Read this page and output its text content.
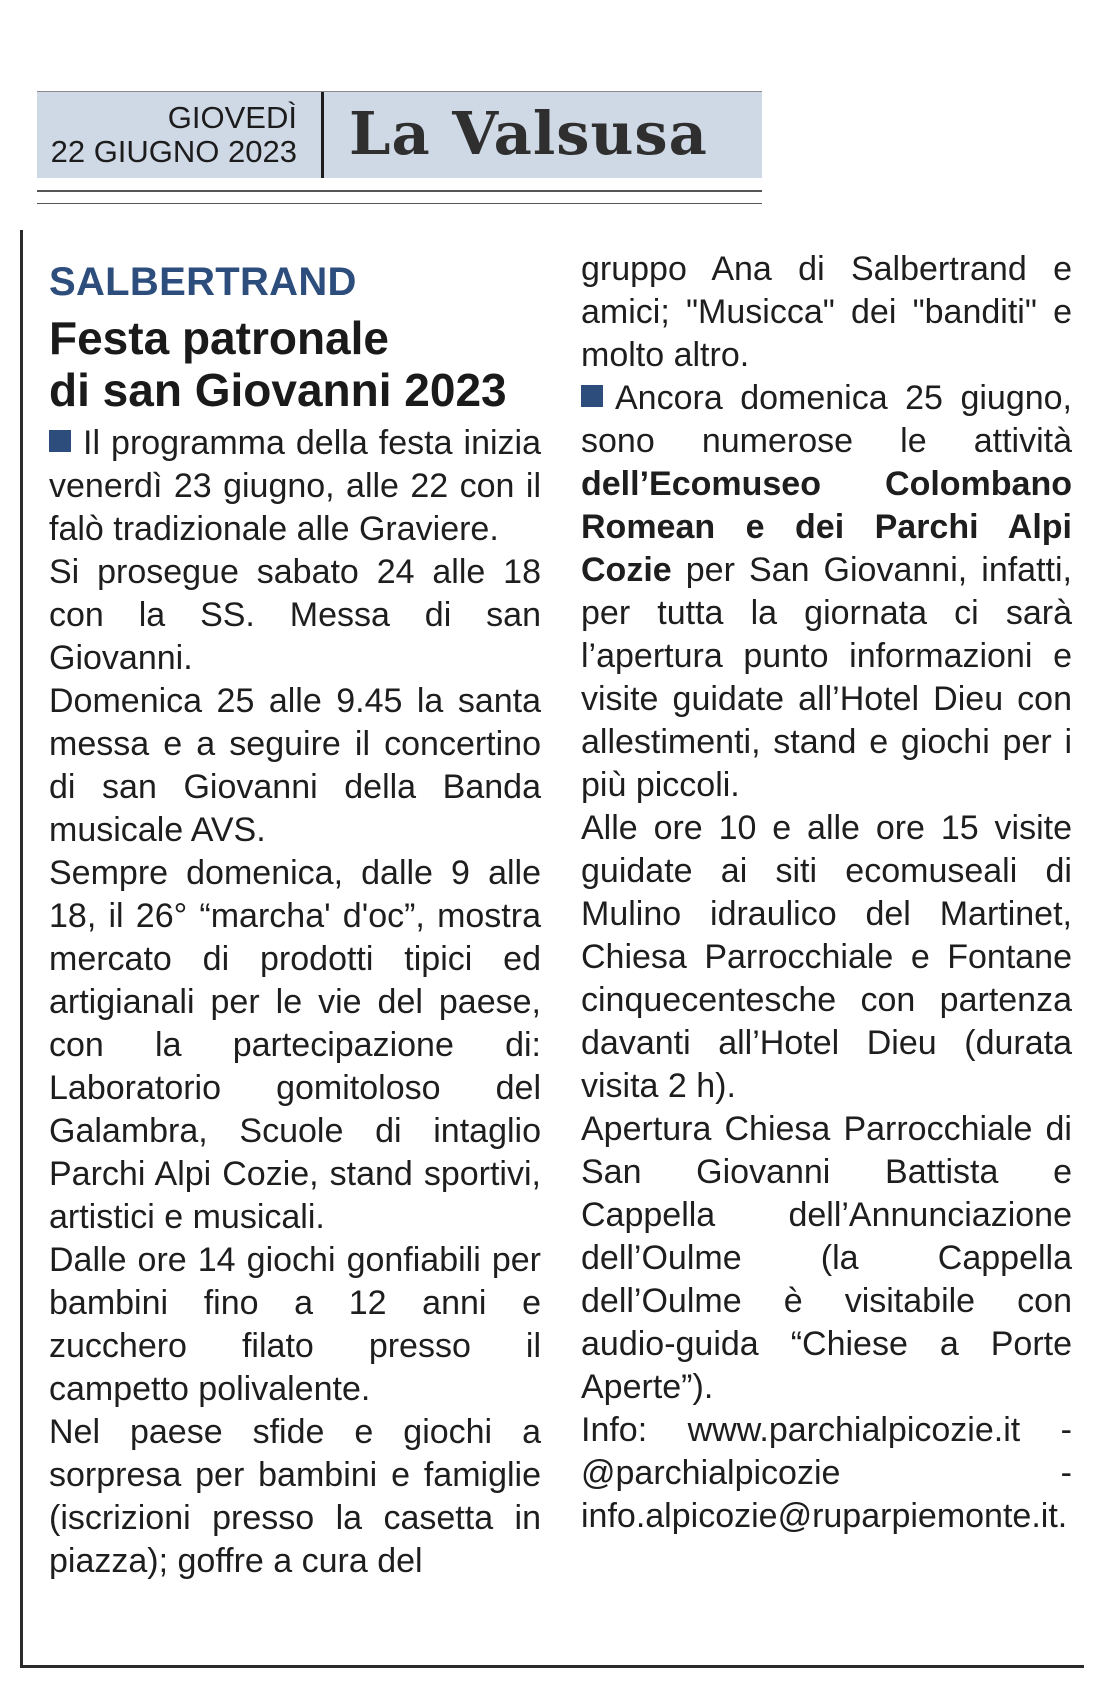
GIOVEDÌ
22 GIUGNO 2023 La Valsusa
SALBERTRAND
Festa patronale
di san Giovanni 2023

Il programma della festa inizia venerdì 23 giugno, alle 22 con il falò tradizionale alle Graviere.

Si prosegue sabato 24 alle 18 con la SS. Messa di san Giovanni.

Domenica 25 alle 9.45 la santa messa e a seguire il concertino di san Giovanni della Banda musicale AVS.

Sempre domenica, dalle 9 alle 18, il 26° “marcha' d'oc”, mostra mercato di prodotti tipici ed artigianali per le vie del paese, con la partecipazione di: Laboratorio gomitoloso del Galambra, Scuole di intaglio Parchi Alpi Cozie, stand sportivi, artistici e musicali.

Dalle ore 14 giochi gonfiabili per bambini fino a 12 anni e zucchero filato presso il campetto polivalente.

Nel paese sfide e giochi a sorpresa per bambini e famiglie (iscrizioni presso la casetta in piazza); goffre a cura del

gruppo Ana di Salbertrand e amici; "Musicca" dei "banditi" e molto altro.

Ancora domenica 25 giugno, sono numerose le attività dell’Ecomuseo Colombano Romean e dei Parchi Alpi Cozie per San Giovanni, infatti, per tutta la giornata ci sarà l’apertura punto informazioni e visite guidate all’Hotel Dieu con allestimenti, stand e giochi per i più piccoli.

Alle ore 10 e alle ore 15 visite guidate ai siti ecomuseali di Mulino idraulico del Martinet, Chiesa Parrocchiale e Fontane cinquecentesche con partenza davanti all’Hotel Dieu (durata visita 2 h).

Apertura Chiesa Parrocchiale di San Giovanni Battista e Cappella dell’Annunciazione dell’Oulme (la Cappella dell’Oulme è visitabile con audio-guida “Chiese a Porte Aperte”).

Info: www.parchialpicozie.it - @parchialpicozie - info.alpicozie@ruparpiemonte.it.
